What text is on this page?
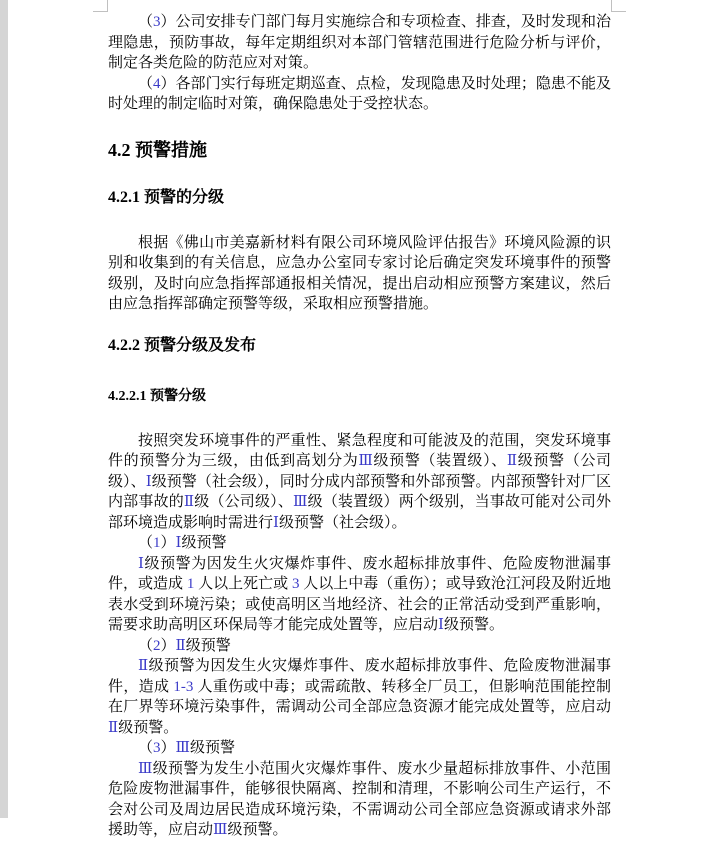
（3）公司安排专门部门每月实施综合和专项检查、排查，及时发现和治理隐患，预防事故，每年定期组织对本部门管辖范围进行危险分析与评价，制定各类危险的防范应对对策。

（4）各部门实行每班定期巡查、点检，发现隐患及时处理；隐患不能及时处理的制定临时对策，确保隐患处于受控状态。

4.2 预警措施
4.2.1 预警的分级

根据《佛山市美嘉新材料有限公司环境风险评估报告》环境风险源的识别和收集到的有关信息，应急办公室同专家讨论后确定突发环境事件的预警级别，及时向应急指挥部通报相关情况，提出启动相应预警方案建议，然后由应急指挥部确定预警等级，采取相应预警措施。

4.2.2 预警分级及发布
4.2.2.1 预警分级

按照突发环境事件的严重性、紧急程度和可能波及的范围，突发环境事件的预警分为三级，由低到高划分为Ⅲ级预警（装置级）、Ⅱ级预警（公司级）、Ⅰ级预警（社会级），同时分成内部预警和外部预警。内部预警针对厂区内部事故的Ⅱ级（公司级）、Ⅲ级（装置级）两个级别，当事故可能对公司外部环境造成影响时需进行Ⅰ级预警（社会级）。

（1）Ⅰ级预警

Ⅰ级预警为因发生火灾爆炸事件、废水超标排放事件、危险废物泄漏事件，或造成 1 人以上死亡或 3 人以上中毒（重伤）；或导致沧江河段及附近地表水受到环境污染；或使高明区当地经济、社会的正常活动受到严重影响，需要求助高明区环保局等才能完成处置等，应启动Ⅰ级预警。

（2）Ⅱ级预警

Ⅱ级预警为因发生火灾爆炸事件、废水超标排放事件、危险废物泄漏事件，造成 1-3 人重伤或中毒；或需疏散、转移全厂员工，但影响范围能控制在厂界等环境污染事件，需调动公司全部应急资源才能完成处置等，应启动Ⅱ级预警。

（3）Ⅲ级预警

Ⅲ级预警为发生小范围火灾爆炸事件、废水少量超标排放事件、小范围危险废物泄漏事件，能够很快隔离、控制和清理，不影响公司生产运行，不会对公司及周边居民造成环境污染，不需调动公司全部应急资源或请求外部援助等，应启动Ⅲ级预警。
